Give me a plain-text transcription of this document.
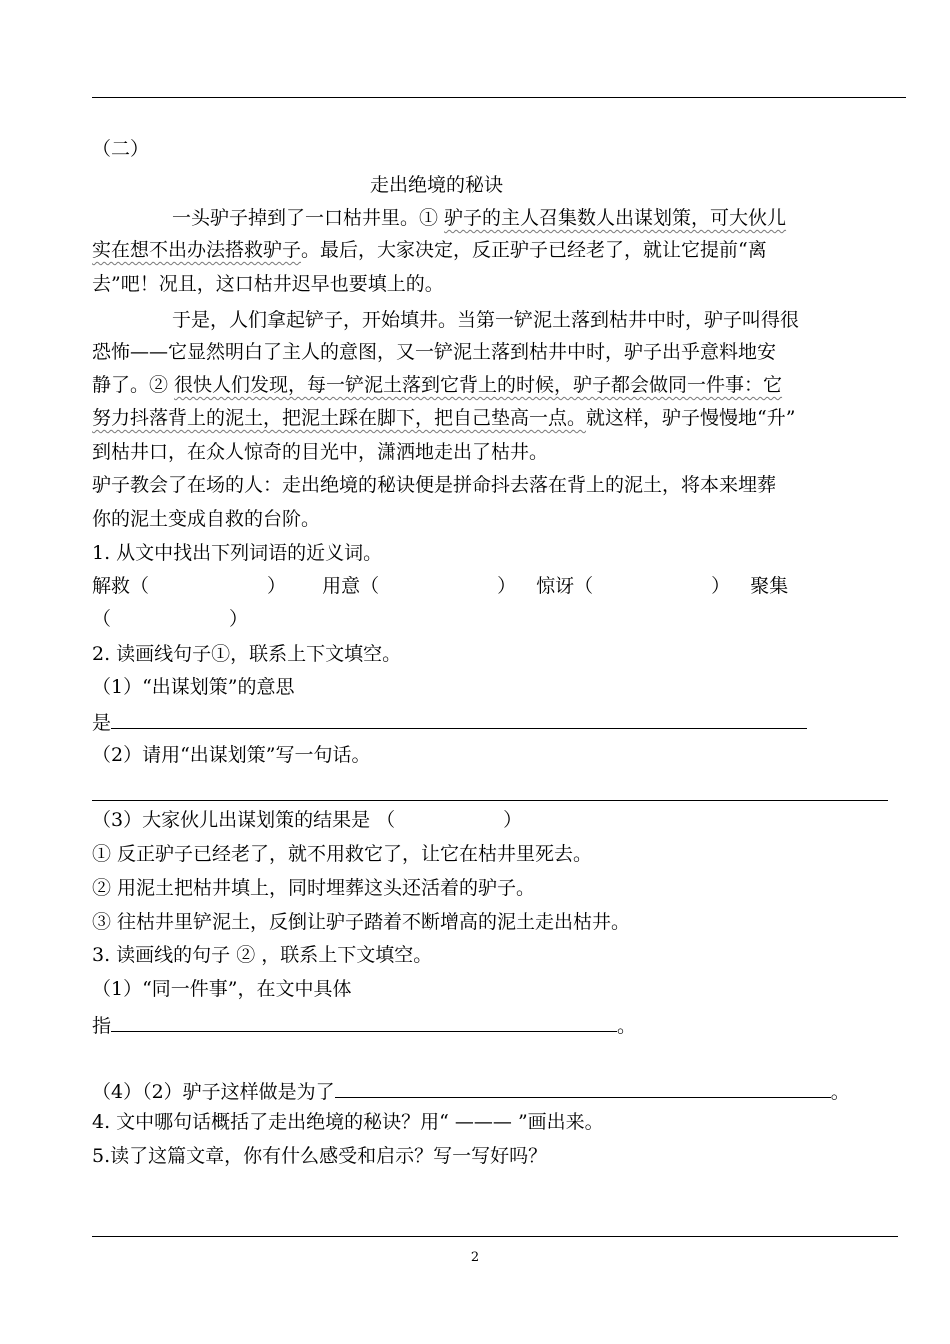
（二）
走出绝境的秘诀
一头驴子掉到了一口枯井里。① 驴子的主人召集数人出谋划策，可大伙儿
实在想不出办法搭救驴子。最后，大家决定，反正驴子已经老了，就让它提前“离
去”吧！况且，这口枯井迟早也要填上的。
于是，人们拿起铲子，开始填井。当第一铲泥土落到枯井中时，驴子叫得很
恐怖——它显然明白了主人的意图，又一铲泥土落到枯井中时，驴子出乎意料地安
静了。② 很快人们发现，每一铲泥土落到它背上的时候，驴子都会做同一件事：它
努力抖落背上的泥土，把泥土踩在脚下，把自己垫高一点。就这样，驴子慢慢地“升”
到枯井口，在众人惊奇的目光中，潇洒地走出了枯井。
驴子教会了在场的人：走出绝境的秘诀便是拼命抖去落在背上的泥土，将本来埋葬
你的泥土变成自救的台阶。
1. 从文中找出下列词语的近义词。
解救（	） 用意（	） 惊讶（	） 聚集
（	）
2. 读画线句子①，联系上下文填空。
（1）“出谋划策”的意思
是
（2）请用“出谋划策”写一句话。
（3）大家伙儿出谋划策的结果是 （	）
① 反正驴子已经老了，就不用救它了，让它在枯井里死去。
② 用泥土把枯井填上，同时埋葬这头还活着的驴子。
③ 往枯井里铲泥土，反倒让驴子踏着不断增高的泥土走出枯井。
3. 读画线的句子 ② ，联系上下文填空。
（1）“同一件事”，在文中具体
指	。
（4）（2）驴子这样做是为了	。
4. 文中哪句话概括了走出绝境的秘诀？用“ ——— ”画出来。
5.读了这篇文章，你有什么感受和启示？写一写好吗？
2
